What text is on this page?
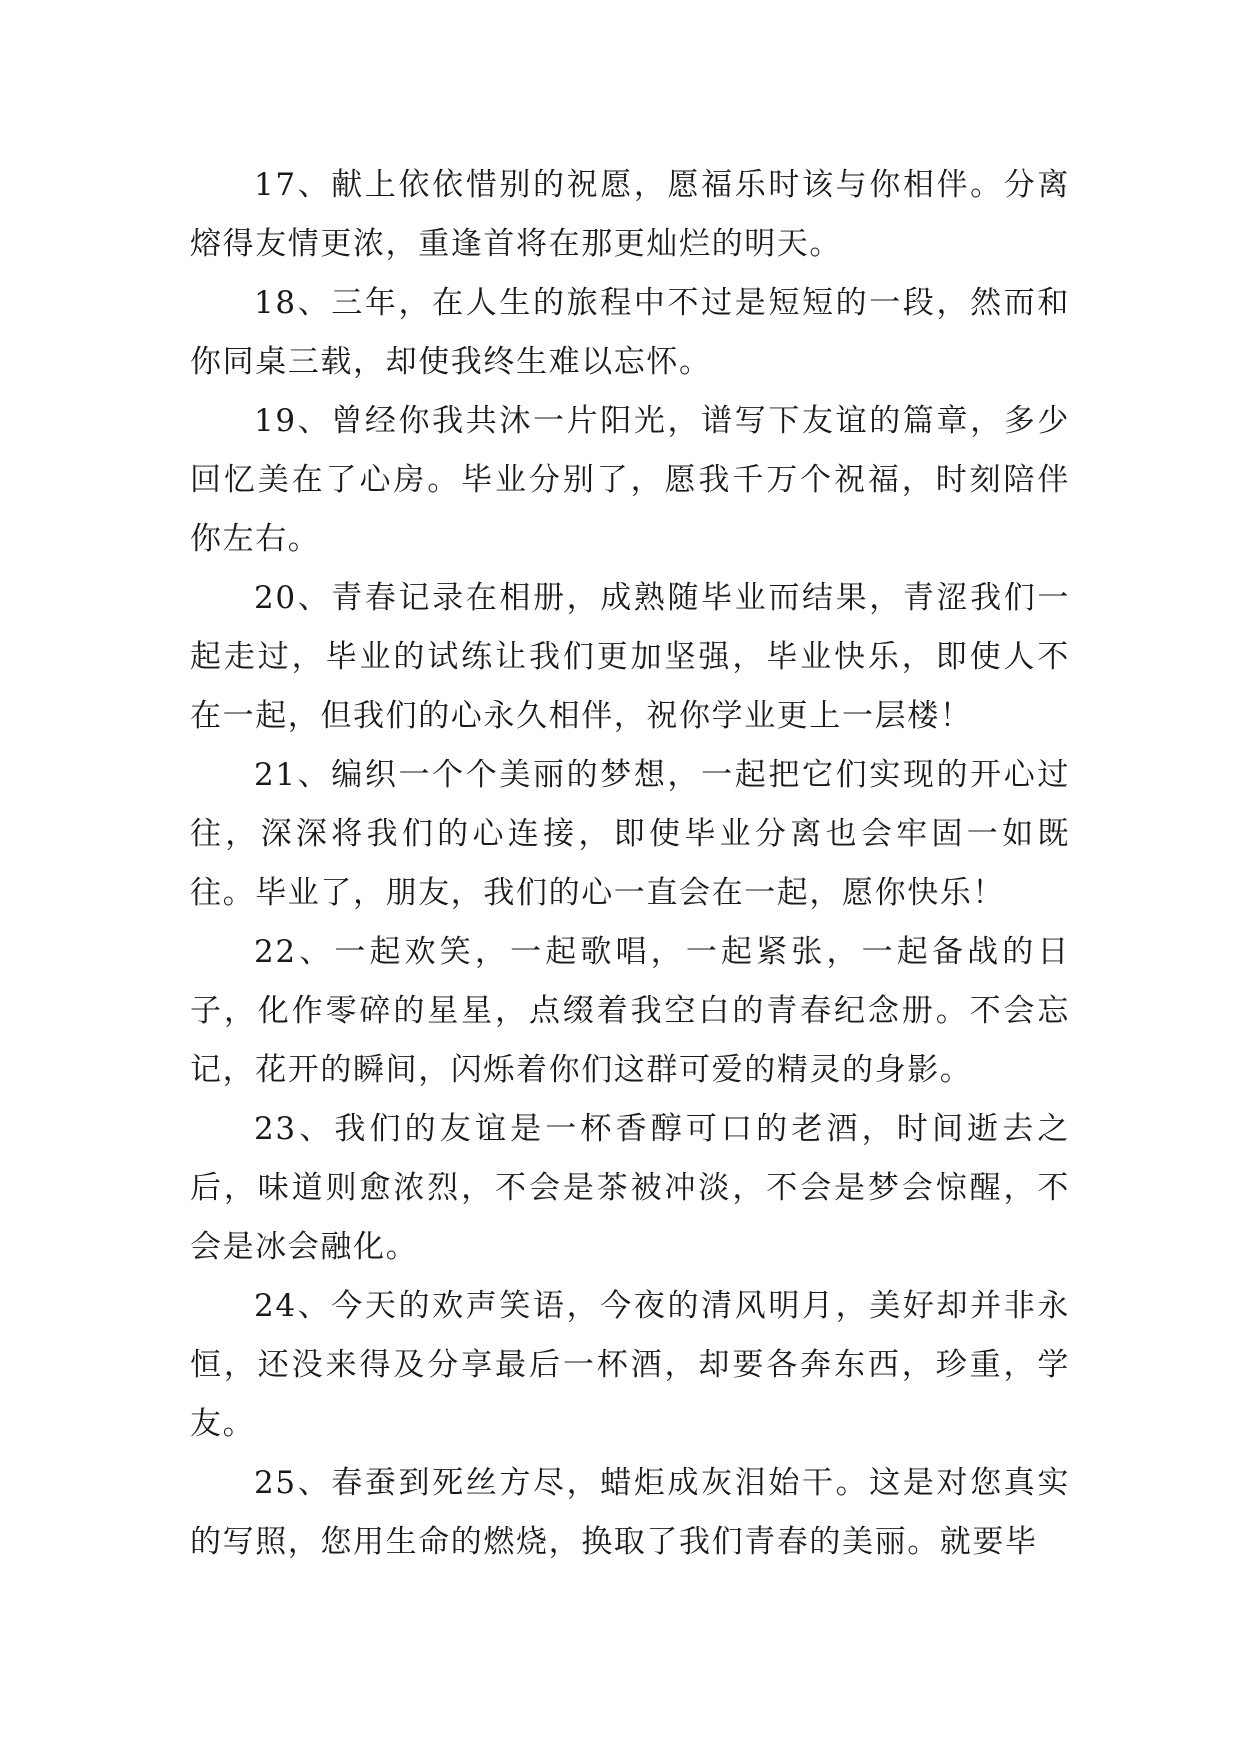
17、献上依依惜别的祝愿，愿福乐时该与你相伴。分离熔得友情更浓，重逢首将在那更灿烂的明天。

18、三年，在人生的旅程中不过是短短的一段，然而和你同桌三载，却使我终生难以忘怀。

19、曾经你我共沐一片阳光，谱写下友谊的篇章，多少回忆美在了心房。毕业分别了，愿我千万个祝福，时刻陪伴你左右。

20、青春记录在相册，成熟随毕业而结果，青涩我们一起走过，毕业的试练让我们更加坚强，毕业快乐，即使人不在一起，但我们的心永久相伴，祝你学业更上一层楼！

21、编织一个个美丽的梦想，一起把它们实现的开心过往，深深将我们的心连接，即使毕业分离也会牢固一如既往。毕业了，朋友，我们的心一直会在一起，愿你快乐！

22、一起欢笑，一起歌唱，一起紧张，一起备战的日子，化作零碎的星星，点缀着我空白的青春纪念册。不会忘记，花开的瞬间，闪烁着你们这群可爱的精灵的身影。

23、我们的友谊是一杯香醇可口的老酒，时间逝去之后，味道则愈浓烈，不会是茶被冲淡，不会是梦会惊醒，不会是冰会融化。

24、今天的欢声笑语，今夜的清风明月，美好却并非永恒，还没来得及分享最后一杯酒，却要各奔东西，珍重，学友。

25、春蚕到死丝方尽，蜡炬成灰泪始干。这是对您真实的写照，您用生命的燃烧，换取了我们青春的美丽。就要毕
